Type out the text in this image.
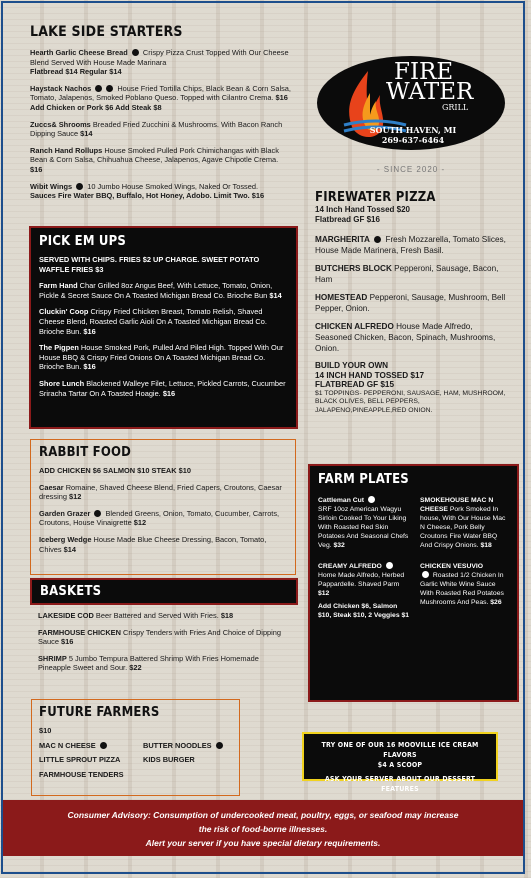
LAKE SIDE STARTERS
Hearth Garlic Cheese Bread Crispy Pizza Crust Topped With Our Cheese Blend Served With House Made Marinara
Flatbread $14 Regular $14
Haystack Nachos	House Fried Tortilla Chips, Black Bean & Corn Salsa, Tomato, Jalapenos, Smoked Poblano Queso. Topped with Cilantro Crema. $16 Add Chicken or Pork $6 Add Steak $8
Zuccs& Shrooms Breaded Fried Zucchini & Mushrooms. With Bacon Ranch Dipping Sauce $14
Ranch Hand Rollups House Smoked Pulled Pork Chimichangas with Black Bean & Corn Salsa, Chihuahua Cheese, Jalapenos, Agave Chipotle Crema. $16
Wibit Wings 10 Jumbo House Smoked Wings, Naked Or Tossed.
Sauces Fire Water BBQ, Buffalo, Hot Honey, Adobo. Limit Two. $16
PICK EM UPS
SERVED WITH CHIPS. FRIES $2 UP CHARGE. SWEET POTATO WAFFLE FRIES $3
Farm Hand Char Grilled 8oz Angus Beef, With Lettuce, Tomato, Onion, Pickle & Secret Sauce On A Toasted Michigan Bread Co. Brioche Bun $14
Cluckin' Coop Crispy Fried Chicken Breast, Tomato Relish, Shaved Cheese Blend, Roasted Garlic Aioli On A Toasted Michigan Bread Co. Brioche Bun. $16
The Pigpen House Smoked Pork, Pulled And Piled High. Topped With Our House BBQ & Crispy Fried Onions On A Toasted Michigan Bread Co. Brioche Bun. $16
Shore Lunch Blackened Walleye Filet, Lettuce, Pickled Carrots, Cucumber Sriracha Tartar On A Toasted Hoagie. $16
RABBIT FOOD
ADD CHICKEN $6 SALMON $10 STEAK $10
Caesar Romaine, Shaved Cheese Blend, Fried Capers, Croutons, Caesar dressing $12
Garden Grazer Blended Greens, Onion, Tomato, Cucumber, Carrots, Croutons, House Vinaigrette $12
Iceberg Wedge House Made Blue Cheese Dressing, Bacon, Tomato, Chives $14
BASKETS
LAKESIDE COD Beer Battered and Served With Fries. $18
FARMHOUSE CHICKEN Crispy Tenders with Fries And Choice of Dipping Sauce $16
SHRIMP 5 Jumbo Tempura Battered Shrimp With Fries Homemade Pineapple Sweet and Sour. $22
FUTURE FARMERS
$10
MAC N CHEESE
LITTLE SPROUT PIZZA
FARMHOUSE TENDERS
BUTTER NOODLES
KIDS BURGER
FIRE
WATER
GRILL
SOUTH HAVEN, MI
269-637-6464
- SINCE 2020 -
FIREWATER PIZZA
14 Inch Hand Tossed $20
Flatbread GF $16
MARGHERITA Fresh Mozzarella, Tomato Slices, House Made Marinera, Fresh Basil.
BUTCHERS BLOCK Pepperoni, Sausage, Bacon, Ham
HOMESTEAD Pepperoni, Sausage, Mushroom, Bell Pepper, Onion.
CHICKEN ALFREDO House Made Alfredo, Seasoned Chicken, Bacon, Spinach, Mushrooms, Onion.
BUILD YOUR OWN
14 INCH HAND TOSSED $17
FLATBREAD GF $15
$1 TOPPINGS- PEPPERONI, SAUSAGE, HAM, MUSHROOM, BLACK OLIVES, BELL PEPPERS, JALAPENO,PINEAPPLE,RED ONION.
FARM PLATES
Cattleman Cut
SRF 10oz American Wagyu Sirloin Cooked To Your Liking With Roasted Red Skin Potatoes And Seasonal Chefs Veg. $32
SMOKEHOUSE MAC N CHEESE Pork Smoked In house, With Our House Mac N Cheese, Pork Belly Croutons Fire Water BBQ And Crispy Onions. $18
CREAMY ALFREDO
Home Made Alfredo, Herbed Pappardelle. Shaved Parm $12

Add Chicken $6, Salmon $10, Steak $10, 2 Veggies $1
CHICKEN VESUVIO
Roasted 1/2 Chicken In Garlic White Wine Sauce With Roasted Red Potatoes Mushrooms And Peas. $26
TRY ONE OF OUR 16 MOOVILLE ICE CREAM FLAVORS
$4 A SCOOP
ASK YOUR SERVER ABOUT OUR DESSERT FEATURES
Consumer Advisory: Consumption of undercooked meat, poultry, eggs, or seafood may increase
the risk of food-borne illnesses.
Alert your server if you have special dietary requirements.
